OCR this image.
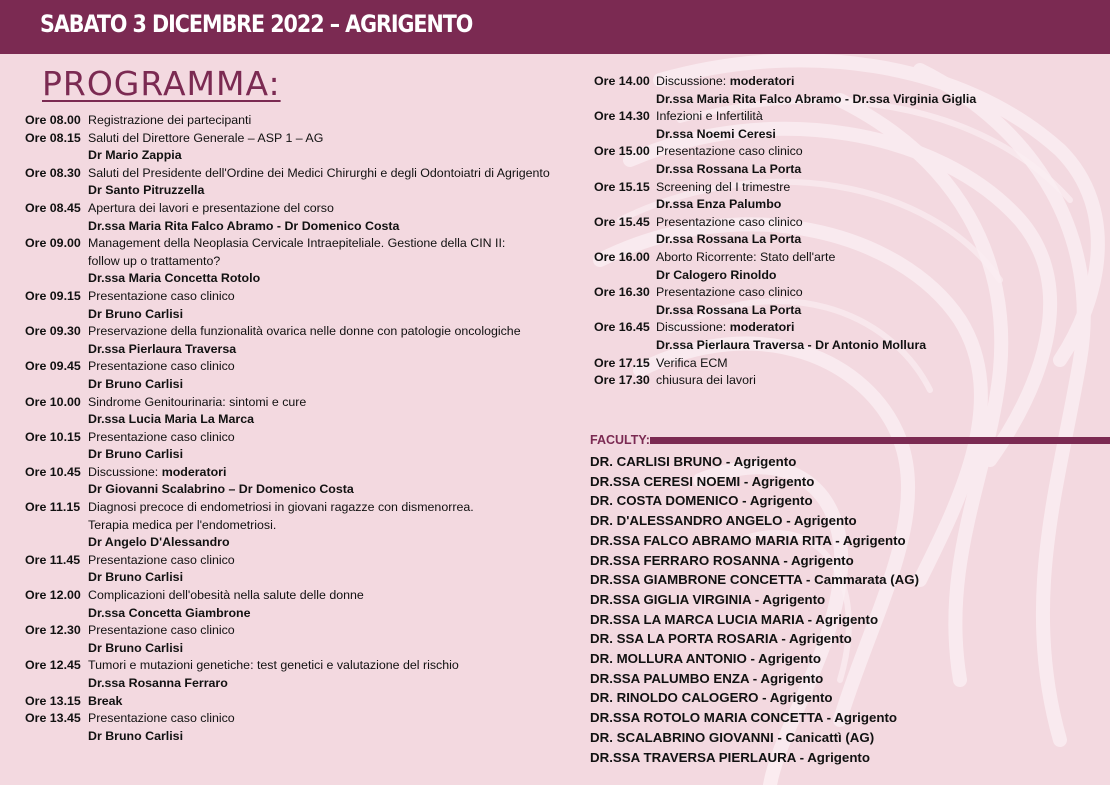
SABATO 3 DICEMBRE 2022 – AGRIGENTO
PROGRAMMA:
Ore 08.00 Registrazione dei partecipanti
Ore 08.15 Saluti del Direttore Generale – ASP 1 – AG
Dr Mario Zappia
Ore 08.30 Saluti del Presidente dell'Ordine dei Medici Chirurghi e degli Odontoiatri di Agrigento
Dr Santo Pitruzzella
Ore 08.45 Apertura dei lavori e presentazione del corso
Dr.ssa Maria Rita Falco Abramo - Dr Domenico Costa
Ore 09.00 Management della Neoplasia Cervicale Intraepiteliale. Gestione della CIN II:
follow up o trattamento?
Dr.ssa Maria Concetta Rotolo
Ore 09.15 Presentazione caso clinico
Dr Bruno Carlisi
Ore 09.30 Preservazione della funzionalità ovarica nelle donne con patologie oncologiche
Dr.ssa Pierlaura Traversa
Ore 09.45 Presentazione caso clinico
Dr Bruno Carlisi
Ore 10.00 Sindrome Genitourinaria: sintomi e cure
Dr.ssa Lucia Maria La Marca
Ore 10.15 Presentazione caso clinico
Dr Bruno Carlisi
Ore 10.45 Discussione: moderatori
Dr Giovanni Scalabrino – Dr Domenico Costa
Ore 11.15 Diagnosi precoce di endometriosi in giovani ragazze con dismenorrea.
Terapia medica per l'endometriosi.
Dr Angelo D'Alessandro
Ore 11.45 Presentazione caso clinico
Dr Bruno Carlisi
Ore 12.00 Complicazioni dell'obesità nella salute delle donne
Dr.ssa Concetta Giambrone
Ore 12.30 Presentazione caso clinico
Dr Bruno Carlisi
Ore 12.45 Tumori e mutazioni genetiche: test genetici e valutazione del rischio
Dr.ssa Rosanna Ferraro
Ore 13.15 Break
Ore 13.45 Presentazione caso clinico
Dr Bruno Carlisi
Ore 14.00 Discussione: moderatori
Dr.ssa Maria Rita Falco Abramo - Dr.ssa Virginia Giglia
Ore 14.30 Infezioni e Infertilità
Dr.ssa Noemi Ceresi
Ore 15.00 Presentazione caso clinico
Dr.ssa Rossana La Porta
Ore 15.15 Screening del I trimestre
Dr.ssa Enza Palumbo
Ore 15.45 Presentazione caso clinico
Dr.ssa Rossana La Porta
Ore 16.00 Aborto Ricorrente: Stato dell'arte
Dr Calogero Rinoldo
Ore 16.30 Presentazione caso clinico
Dr.ssa Rossana La Porta
Ore 16.45 Discussione: moderatori
Dr.ssa Pierlaura Traversa - Dr Antonio Mollura
Ore 17.15 Verifica ECM
Ore 17.30 chiusura dei lavori
FACULTY:
DR. CARLISI BRUNO - Agrigento
DR.SSA CERESI NOEMI - Agrigento
DR. COSTA DOMENICO - Agrigento
DR. D'ALESSANDRO ANGELO - Agrigento
DR.SSA FALCO ABRAMO MARIA RITA - Agrigento
DR.SSA FERRARO ROSANNA - Agrigento
DR.SSA GIAMBRONE CONCETTA - Cammarata (AG)
DR.SSA GIGLIA VIRGINIA - Agrigento
DR.SSA LA MARCA LUCIA MARIA - Agrigento
DR. SSA LA PORTA ROSARIA - Agrigento
DR. MOLLURA ANTONIO - Agrigento
DR.SSA PALUMBO ENZA - Agrigento
DR. RINOLDO CALOGERO - Agrigento
DR.SSA ROTOLO MARIA CONCETTA - Agrigento
DR. SCALABRINO GIOVANNI - Canicattì (AG)
DR.SSA TRAVERSA PIERLAURA - Agrigento
